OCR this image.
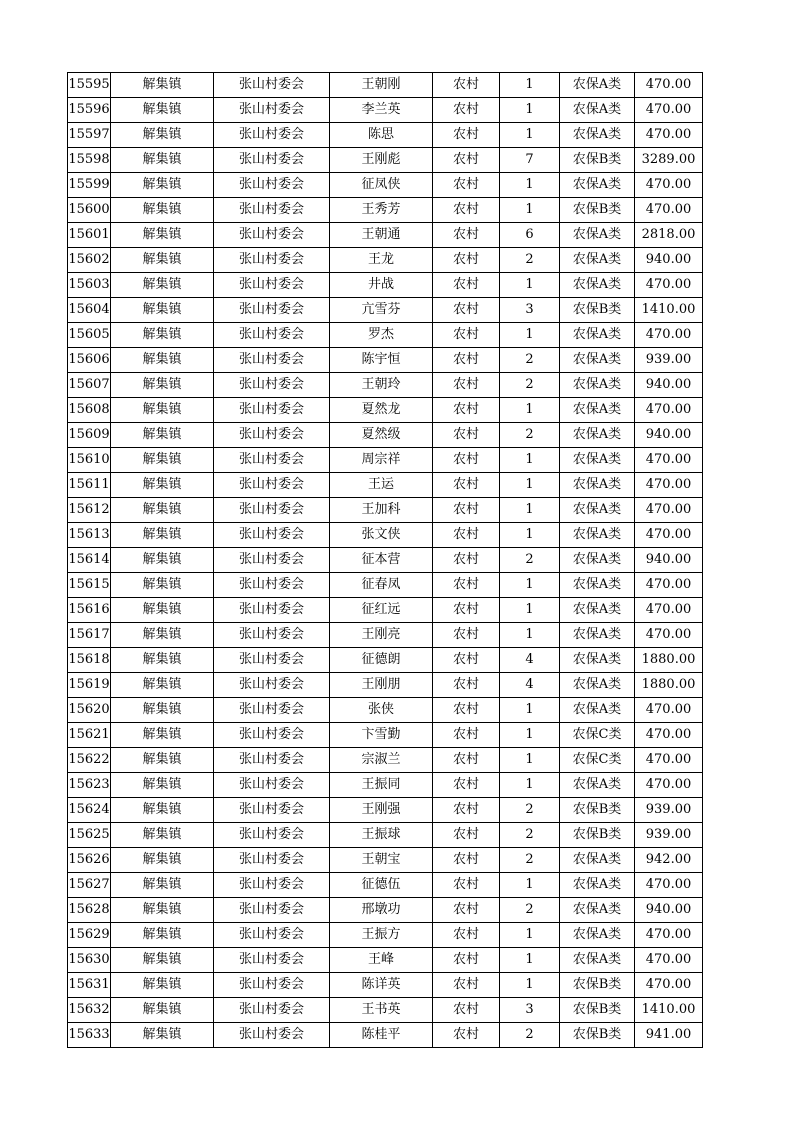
15595	解集镇	张山村委会	王朝刚	农村	1	农保A类	470.00
15596	解集镇	张山村委会	李兰英	农村	1	农保A类	470.00
15597	解集镇	张山村委会	陈思	农村	1	农保A类	470.00
15598	解集镇	张山村委会	王刚彪	农村	7	农保B类	3289.00
15599	解集镇	张山村委会	征凤侠	农村	1	农保A类	470.00
15600	解集镇	张山村委会	王秀芳	农村	1	农保B类	470.00
15601	解集镇	张山村委会	王朝通	农村	6	农保A类	2818.00
15602	解集镇	张山村委会	王龙	农村	2	农保A类	940.00
15603	解集镇	张山村委会	井战	农村	1	农保A类	470.00
15604	解集镇	张山村委会	亢雪芬	农村	3	农保B类	1410.00
15605	解集镇	张山村委会	罗杰	农村	1	农保A类	470.00
15606	解集镇	张山村委会	陈宇恒	农村	2	农保A类	939.00
15607	解集镇	张山村委会	王朝玲	农村	2	农保A类	940.00
15608	解集镇	张山村委会	夏然龙	农村	1	农保A类	470.00
15609	解集镇	张山村委会	夏然级	农村	2	农保A类	940.00
15610	解集镇	张山村委会	周宗祥	农村	1	农保A类	470.00
15611	解集镇	张山村委会	王运	农村	1	农保A类	470.00
15612	解集镇	张山村委会	王加科	农村	1	农保A类	470.00
15613	解集镇	张山村委会	张文侠	农村	1	农保A类	470.00
15614	解集镇	张山村委会	征本营	农村	2	农保A类	940.00
15615	解集镇	张山村委会	征春凤	农村	1	农保A类	470.00
15616	解集镇	张山村委会	征红远	农村	1	农保A类	470.00
15617	解集镇	张山村委会	王刚亮	农村	1	农保A类	470.00
15618	解集镇	张山村委会	征德朗	农村	4	农保A类	1880.00
15619	解集镇	张山村委会	王刚朋	农村	4	农保A类	1880.00
15620	解集镇	张山村委会	张侠	农村	1	农保A类	470.00
15621	解集镇	张山村委会	卞雪勤	农村	1	农保C类	470.00
15622	解集镇	张山村委会	宗淑兰	农村	1	农保C类	470.00
15623	解集镇	张山村委会	王振同	农村	1	农保A类	470.00
15624	解集镇	张山村委会	王刚强	农村	2	农保B类	939.00
15625	解集镇	张山村委会	王振球	农村	2	农保B类	939.00
15626	解集镇	张山村委会	王朝宝	农村	2	农保A类	942.00
15627	解集镇	张山村委会	征德伍	农村	1	农保A类	470.00
15628	解集镇	张山村委会	邢墩功	农村	2	农保A类	940.00
15629	解集镇	张山村委会	王振方	农村	1	农保A类	470.00
15630	解集镇	张山村委会	王峰	农村	1	农保A类	470.00
15631	解集镇	张山村委会	陈详英	农村	1	农保B类	470.00
15632	解集镇	张山村委会	王书英	农村	3	农保B类	1410.00
15633	解集镇	张山村委会	陈桂平	农村	2	农保B类	941.00
